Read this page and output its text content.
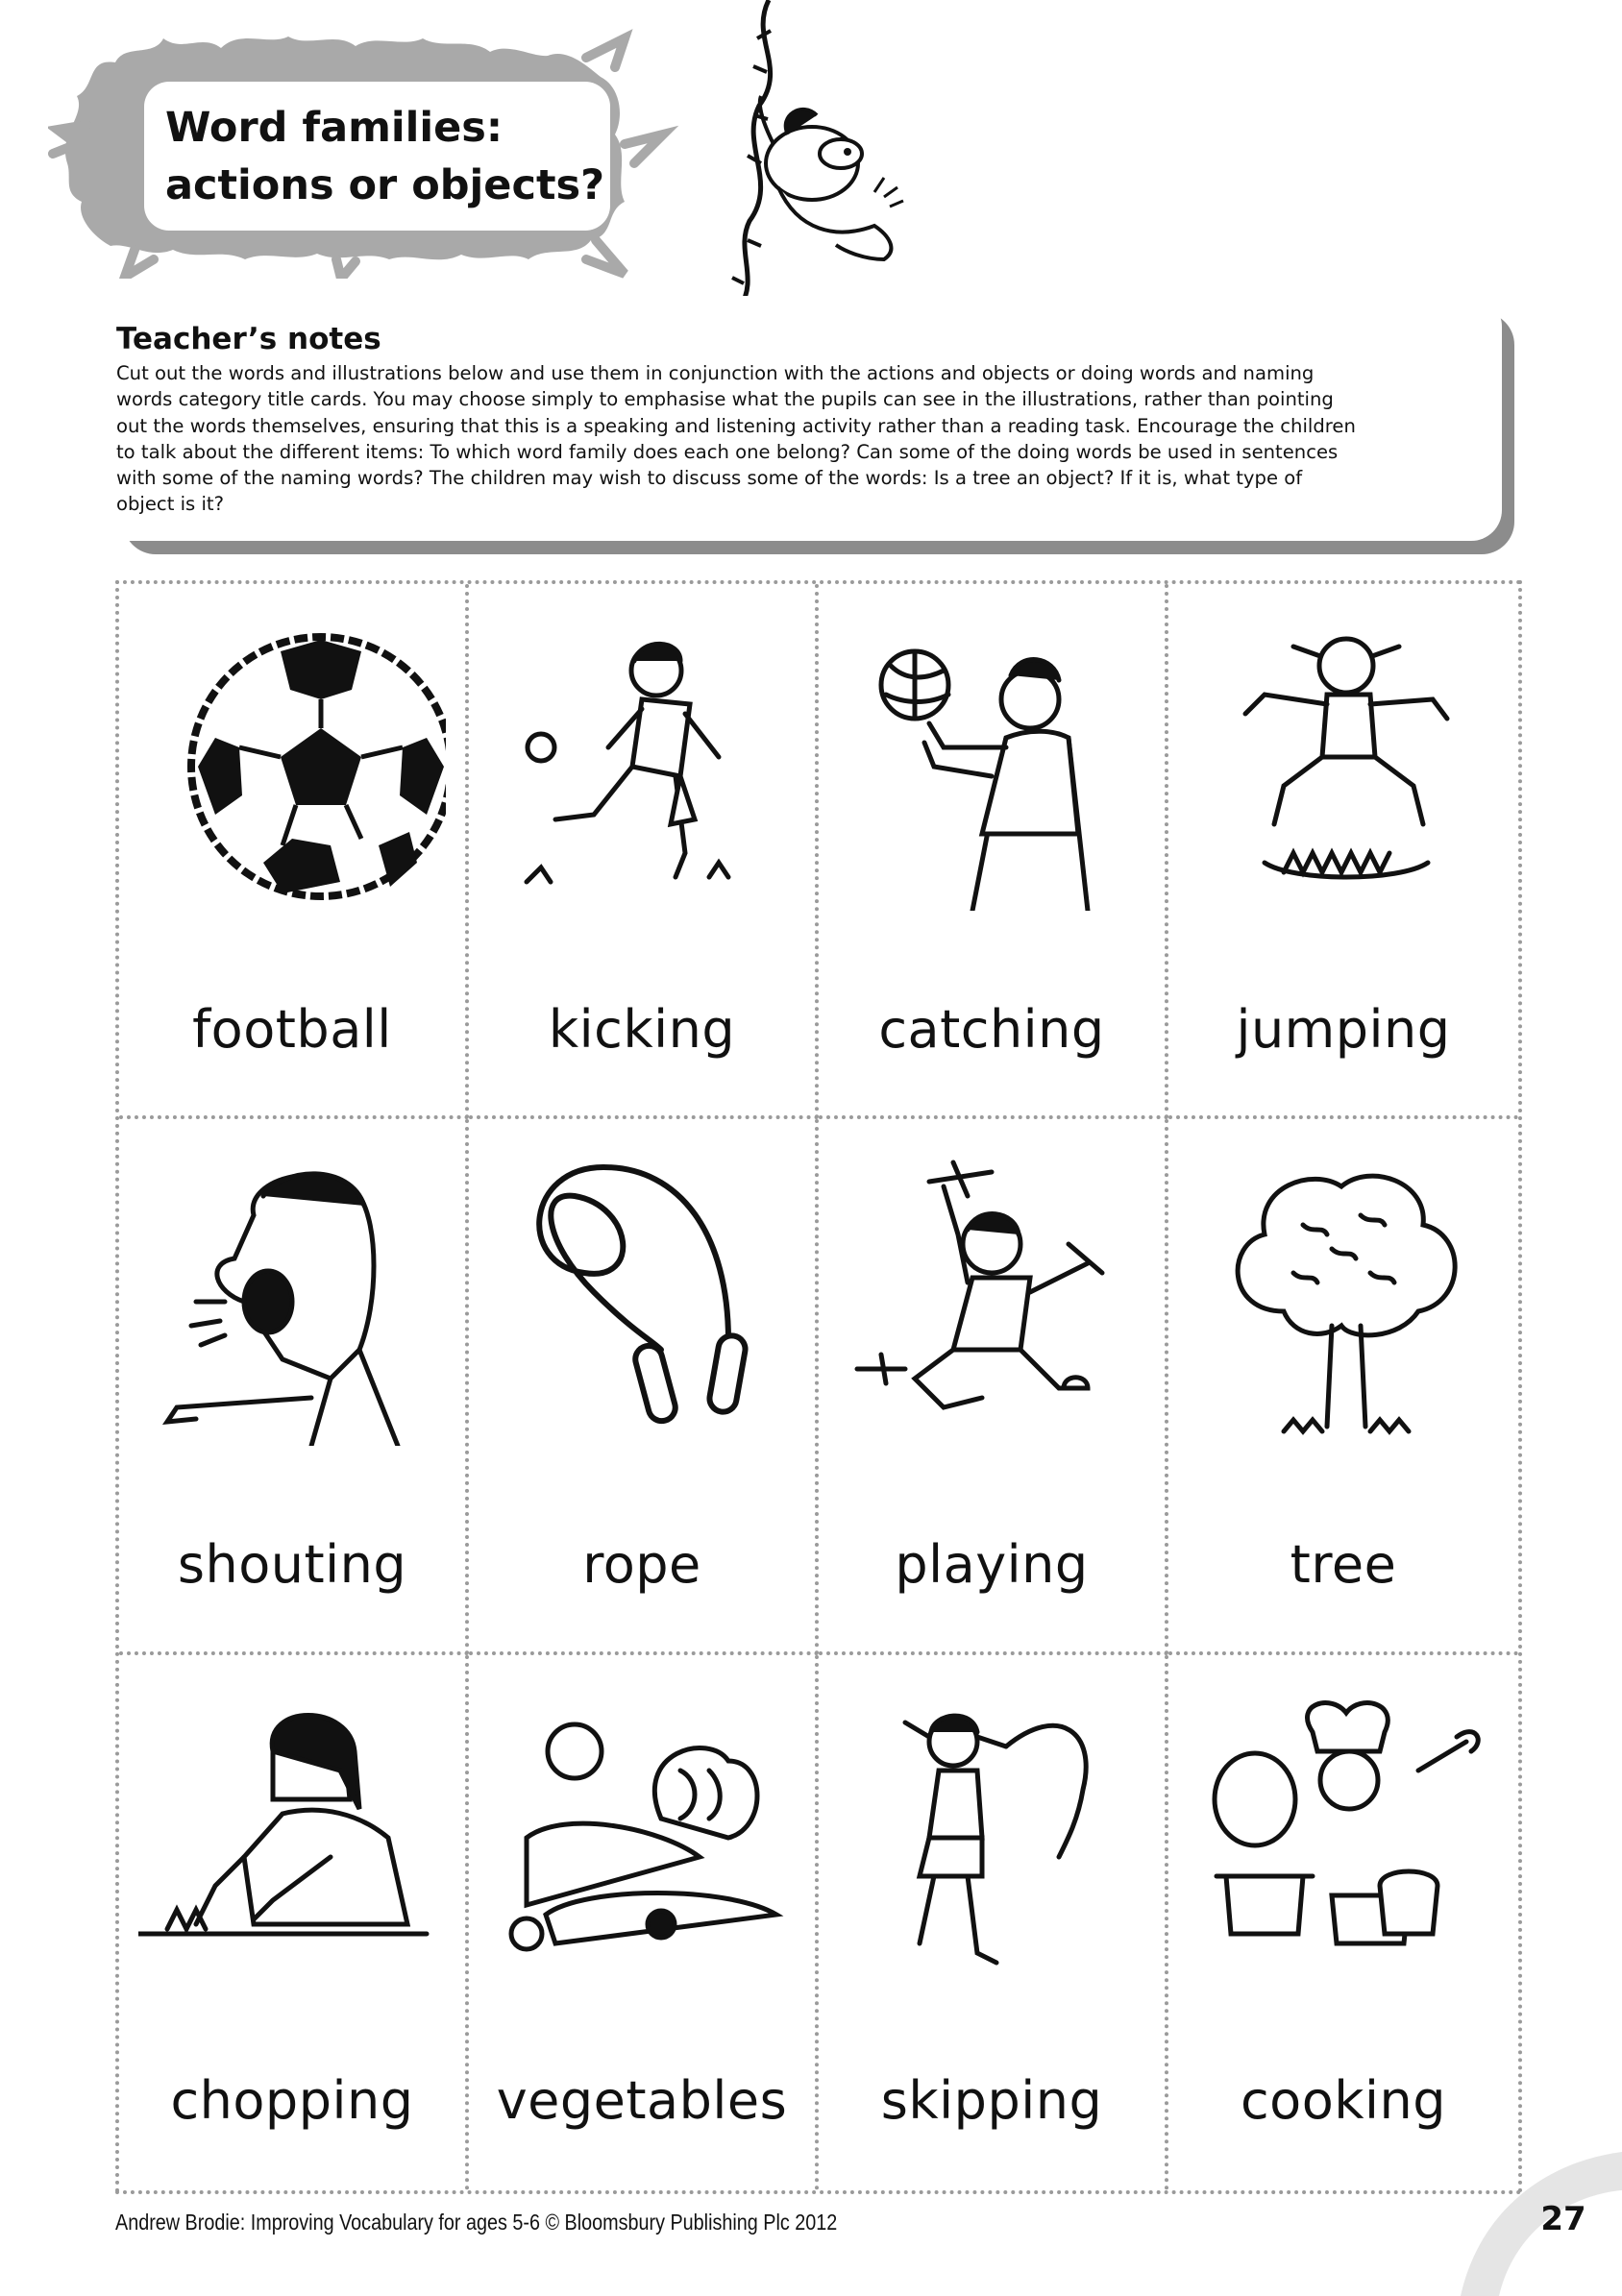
Word families:
actions or objects?
Teacher’s notes

Cut out the words and illustrations below and use them in conjunction with the actions and objects or doing words and naming
words category title cards. You may choose simply to emphasise what the pupils can see in the illustrations, rather than pointing
out the words themselves, ensuring that this is a speaking and listening activity rather than a reading task. Encourage the children
to talk about the different items: To which word family does each one belong? Can some of the doing words be used in sentences
with some of the naming words? The children may wish to discuss some of the words: Is a tree an object? If it is, what type of
object is it?

football	kicking	catching	jumping
shouting	rope	playing	tree
chopping	vegetables	skipping	cooking
Andrew Brodie: Improving Vocabulary for ages 5-6 © Bloomsbury Publishing Plc 2012	27
